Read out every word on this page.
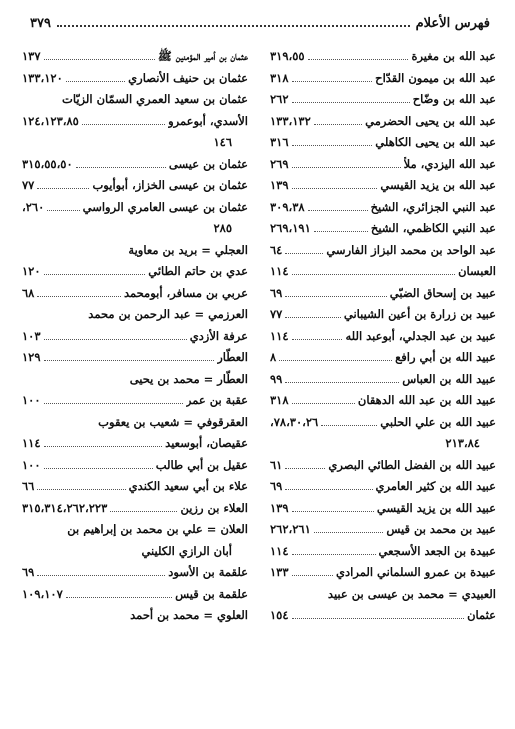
فهرس الأعلام
٣٧٩
عبد الله بن مغيرة
٣١٩،٥٥
عبد الله بن ميمون القدّاح
٣١٨
عبد الله بن وضّاح
٢٦٢
عبد الله بن يحيى الحضرمي
١٣٣،١٣٢
عبد الله بن يحيى الكاهلي
٣١٦
عبد الله اليزدي، ملاً
٢٦٩
عبد الله بن يزيد القيسي
١٣٩
عبد النبي الجزائري، الشيخ
٣٠٩،٣٨
عبد النبي الكاظمي، الشيخ
٢٦٩،١٩١
عبد الواحد بن محمد البزاز الفارسي
٦٤
العبسان
١١٤
عبيد بن إسحاق الضبّي
٦٩
عبيد بن زرارة بن أعين الشيباني
٧٧
عبيد بن عبد الجدلي، أبوعبد الله
١١٤
عبيد الله بن أبي رافع
٨
عبيد الله بن العباس
٩٩
عبيد الله بن عبد الله الدهقان
٣١٨
عبيد الله بن علي الحلبي
٧٨،٣٠،٢٦،
٢١٣،٨٤
عبيد الله بن الفضل الطائي البصري
٦١
عبيد الله بن كثير العامري
٦٩
عبيد الله بن يزيد القيسي
١٣٩
عبيد بن محمد بن قيس
٢٦٢،٢٦١
عبيدة بن الجعد الأسجعي
١١٤
عبيدة بن عمرو السلماني المرادي
١٣٣
العبيدي = محمد بن عيسى بن عبيد
عثمان
١٥٤
عثمان بن أمير المؤمنين ﷺ
١٣٧
عثمان بن حنيف الأنصاري
١٣٣،١٢٠
عثمان بن سعيد العمري السمّان الزيّات
الأسدي، أبوعمرو
١٢٤،١٢٣،٨٥
١٤٦
عثمان بن عيسى
٣١٥،٥٥،٥٠
عثمان بن عيسى الخزاز، أبوأيوب
٧٧
عثمان بن عيسى العامري الرواسي
٢٦٠،
٢٨٥
العجلي = بريد بن معاوية
عدي بن حاتم الطائي
١٢٠
عربي بن مسافر، أبومحمد
٦٨
العرزمي = عبد الرحمن بن محمد
عرفة الأزدي
١٠٣
العطّار
١٢٩
العطّار = محمد بن يحيى
عقبة بن عمر
١٠٠
العقرقوفي = شعيب بن يعقوب
عقيصان، أبوسعيد
١١٤
عقيل بن أبي طالب
١٠٠
علاء بن أبي سعيد الكندي
٦٦
العلاء بن رزين
٣١٥،٣١٤،٢٦٢،٢٢٣
العلان = علي بن محمد بن إبراهيم بن
أبان الرازي الكليني
علقمة بن الأسود
٦٩
علقمة بن قيس
١٠٩،١٠٧
العلوي = محمد بن أحمد
